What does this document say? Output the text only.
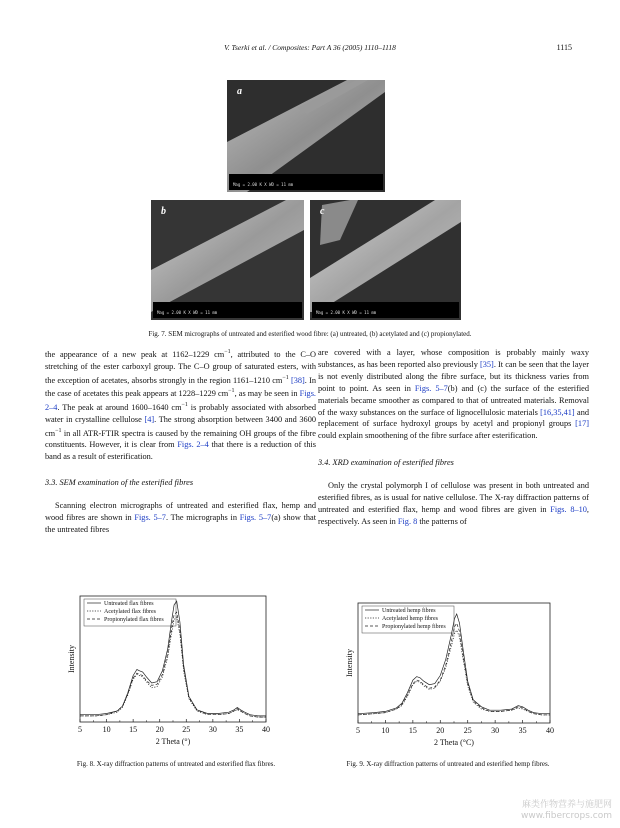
V. Tserki et al. / Composites: Part A 36 (2005) 1110–1118	1115
a
Mag = 2.00 K X WD = 11 mm
b
Mag = 2.00 K X WD = 11 mm
c
Mag = 2.00 K X WD = 11 mm
Fig. 7. SEM micrographs of untreated and esterified wood fibre: (a) untreated, (b) acetylated and (c) propionylated.

the appearance of a new peak at 1162–1229 $cm^{-1}$, attributed to the C–O stretching of the ester carboxyl group. The C–O group of saturated esters, with the exception of acetates, absorbs strongly in the region 1161–1210 $cm^{-1}$ [38]. In the case of acetates this peak appears at 1228–1229 $cm^{-1}$, as may be seen in Figs. 2–4. The peak at around 1600–1640 $cm^{-1}$ is probably associated with absorbed water in crystalline cellulose [4]. The strong absorption between 3400 and 3600 $cm^{-1}$ in all ATR-FTIR spectra is caused by the remaining OH groups of the fibre constituents. However, it is clear from Figs. 2–4 that there is a reduction of this band as a result of esterification.

3.3. SEM examination of the esterified fibres

Scanning electron micrographs of untreated and esterified flax, hemp and wood fibres are shown in Figs. 5–7. The micrographs in Figs. 5–7(a) show that the untreated fibres

are covered with a layer, whose composition is probably mainly waxy substances, as has been reported also previously [35]. It can be seen that the layer is not evenly distributed along the fibre surface, but its thickness varies from point to point. As seen in Figs. 5–7(b) and (c) the surface of the esterified materials became smoother as compared to that of untreated materials. Removal of the waxy substances on the surface of lignocellulosic materials [16,35,41] and replacement of surface hydroxyl groups by acetyl and propionyl groups [17] could explain smoothening of the fibre surface after esterification.

3.4. XRD examination of esterified fibres

Only the crystal polymorph I of cellulose was present in both untreated and esterified fibres, as is usual for native cellulose. The X-ray diffraction patterns of untreated and esterified flax, hemp and wood fibres are given in Figs. 8–10, respectively. As seen in Fig. 8 the patterns of

5	10 15 20 25 30 35 40
2 Theta (°)
Intensity
Untreated flax fibres
Acetylated flax fibres
Propionylated flax fibres
Fig. 8. X-ray diffraction patterns of untreated and esterified flax fibres.
5	10 15 20 25 30 35 40
2 Theta (°C)
Intensity
Untreated hemp fibres
Acetylated hemp fibres
Propionylated hemp fibres
Fig. 9. X-ray diffraction patterns of untreated and esterified hemp fibres.
麻类作物营养与施肥网
www.fibercrops.com
